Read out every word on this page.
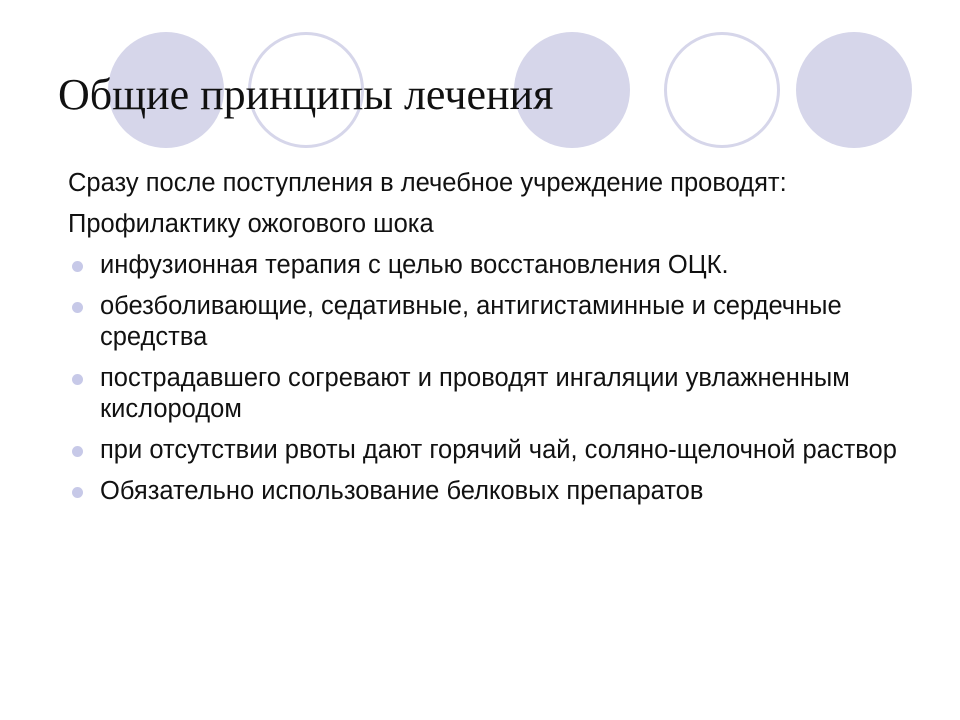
Общие принципы лечения

Сразу после поступления в лечебное учреждение проводят:

Профилактику ожогового шока

инфузионная терапия с целью восстановления ОЦК.
обезболивающие, седативные, антигистаминные и сердечные средства
пострадавшего согревают и проводят ингаляции увлажненным кислородом
при отсутствии рвоты дают горячий чай, соляно-щелочной раствор
Обязательно использование белковых препаратов
